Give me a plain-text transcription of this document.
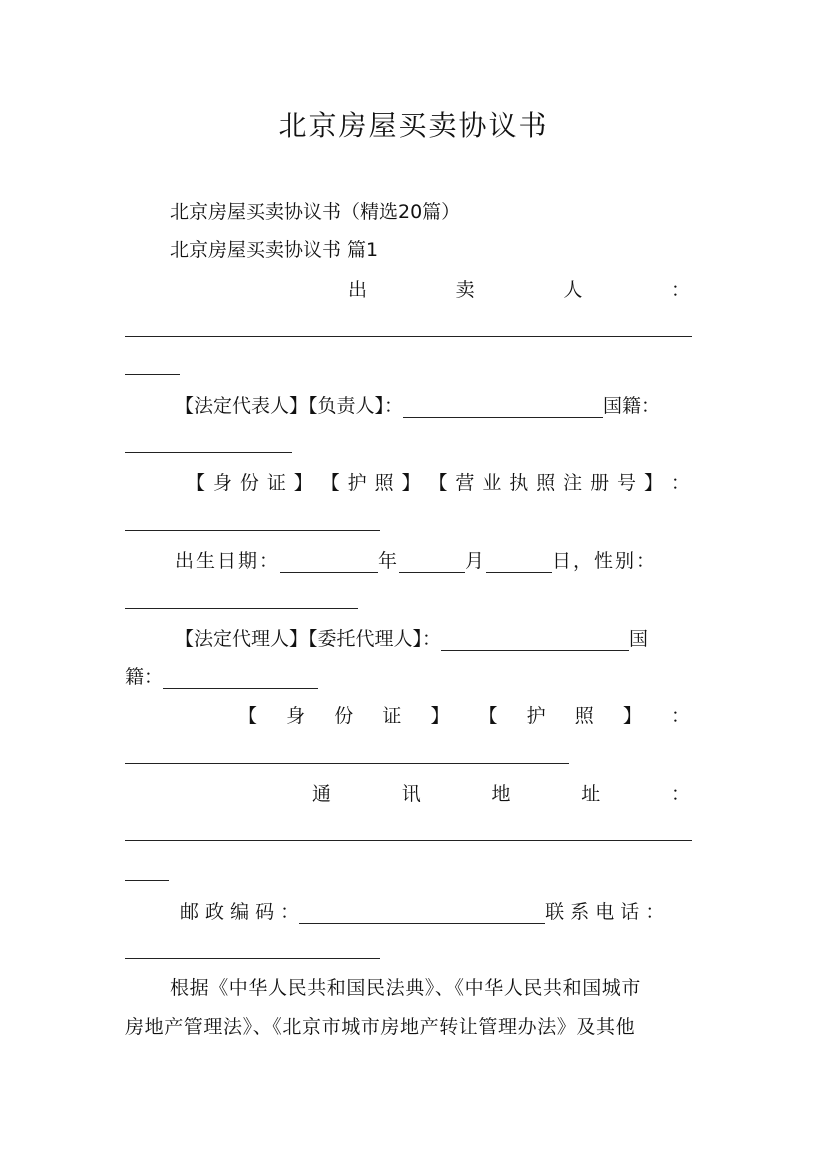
北京房屋买卖协议书
北京房屋买卖协议书（精选20篇）
北京房屋买卖协议书 篇1
出	卖	人	：
【法定代表人】【负责人】：	国籍：
【 身 份 证 】 【 护 照 】 【 营 业 执 照 注 册 号 】 ：
出生日期：	年	月	日，性别：
【法定代理人】【委托代理人】：	国
籍：
【 身 份 证 】 【 护 照 】 ：
通	讯	地	址	：
邮 政 编 码 ：	联 系 电 话 ：
根据《中华人民共和国民法典》、《中华人民共和国城市
房地产管理法》、《北京市城市房地产转让管理办法》及其他
